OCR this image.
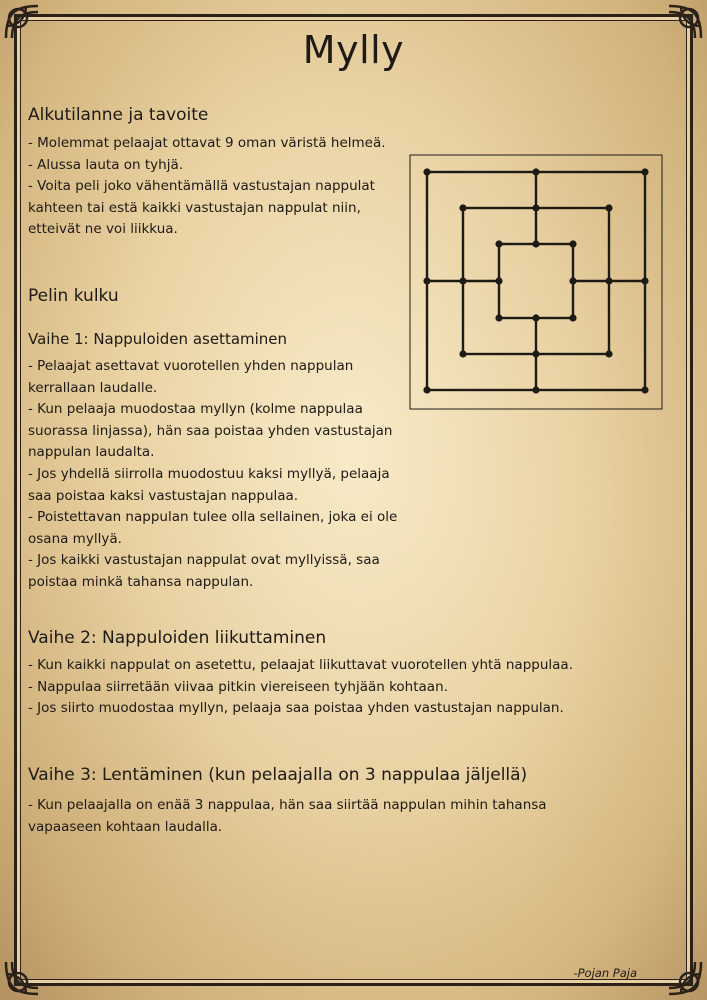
Mylly

Alkutilanne ja tavoite

- Molemmat pelaajat ottavat 9 oman väristä helmeä.
- Alussa lauta on tyhjä.
- Voita peli joko vähentämällä vastustajan nappulat
kahteen tai estä kaikki vastustajan nappulat niin,
etteivät ne voi liikkua.

Pelin kulku

Vaihe 1: Nappuloiden asettaminen

- Pelaajat asettavat vuorotellen yhden nappulan
kerrallaan laudalle.
- Kun pelaaja muodostaa myllyn (kolme nappulaa
suorassa linjassa), hän saa poistaa yhden vastustajan
nappulan laudalta.
- Jos yhdellä siirrolla muodostuu kaksi myllyä, pelaaja
saa poistaa kaksi vastustajan nappulaa.
- Poistettavan nappulan tulee olla sellainen, joka ei ole
osana myllyä.
- Jos kaikki vastustajan nappulat ovat myllyissä, saa
poistaa minkä tahansa nappulan.

Vaihe 2: Nappuloiden liikuttaminen

- Kun kaikki nappulat on asetettu, pelaajat liikuttavat vuorotellen yhtä nappulaa.
- Nappulaa siirretään viivaa pitkin viereiseen tyhjään kohtaan.
- Jos siirto muodostaa myllyn, pelaaja saa poistaa yhden vastustajan nappulan.

Vaihe 3: Lentäminen (kun pelaajalla on 3 nappulaa jäljellä)

- Kun pelaajalla on enää 3 nappulaa, hän saa siirtää nappulan mihin tahansa
vapaaseen kohtaan laudalla.
-Pojan Paja
